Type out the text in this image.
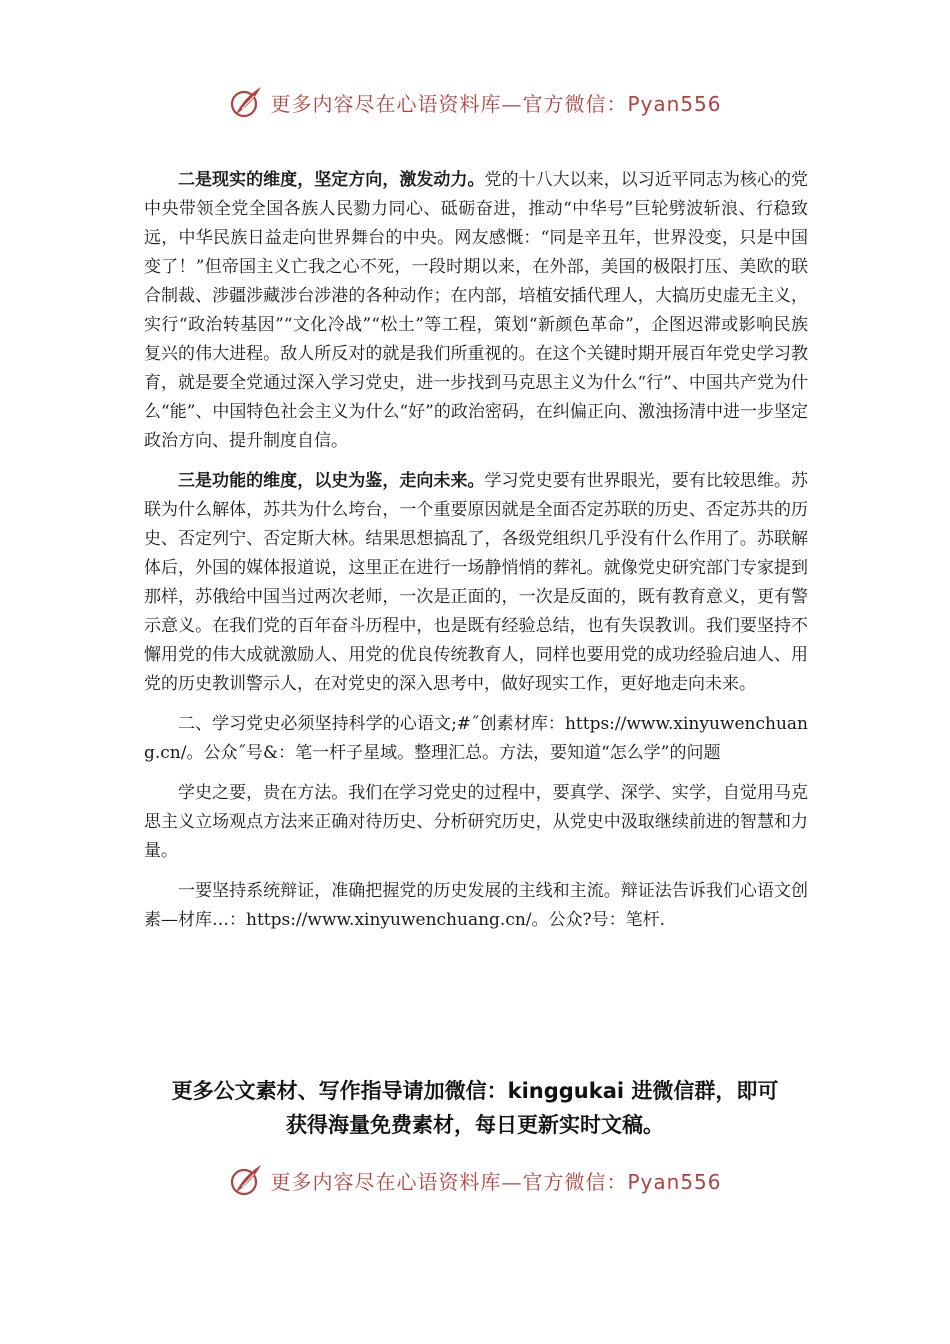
更多内容尽在心语资料库—官方微信：Pyan556

二是现实的维度，坚定方向，激发动力。党的十八大以来，以习近平同志为核心的党中央带领全党全国各族人民勠力同心、砥砺奋进，推动“中华号”巨轮劈波斩浪、行稳致远，中华民族日益走向世界舞台的中央。网友感慨：“同是辛丑年，世界没变，只是中国变了！”但帝国主义亡我之心不死，一段时期以来，在外部，美国的极限打压、美欧的联合制裁、涉疆涉藏涉台涉港的各种动作；在内部，培植安插代理人，大搞历史虚无主义，实行“政治转基因”“文化冷战”“松土”等工程，策划“新颜色革命”，企图迟滞或影响民族复兴的伟大进程。敌人所反对的就是我们所重视的。在这个关键时期开展百年党史学习教育，就是要全党通过深入学习党史，进一步找到马克思主义为什么“行”、中国共产党为什么“能”、中国特色社会主义为什么“好”的政治密码，在纠偏正向、激浊扬清中进一步坚定政治方向、提升制度自信。

三是功能的维度，以史为鉴，走向未来。学习党史要有世界眼光，要有比较思维。苏联为什么解体，苏共为什么垮台，一个重要原因就是全面否定苏联的历史、否定苏共的历史、否定列宁、否定斯大林。结果思想搞乱了，各级党组织几乎没有什么作用了。苏联解体后，外国的媒体报道说，这里正在进行一场静悄悄的葬礼。就像党史研究部门专家提到那样，苏俄给中国当过两次老师，一次是正面的，一次是反面的，既有教育意义，更有警示意义。在我们党的百年奋斗历程中，也是既有经验总结，也有失误教训。我们要坚持不懈用党的伟大成就激励人、用党的优良传统教育人，同样也要用党的成功经验启迪人、用党的历史教训警示人，在对党史的深入思考中，做好现实工作，更好地走向未来。

二、学习党史必须坚持科学的心语文;#˝创素材库：https://www.xinyuwenchuang.cn/。公众˝号&：笔一杆子星域。整理汇总。方法，要知道“怎么学”的问题

学史之要，贵在方法。我们在学习党史的过程中，要真学、深学、实学，自觉用马克思主义立场观点方法来正确对待历史、分析研究历史，从党史中汲取继续前进的智慧和力量。

一要坚持系统辩证，准确把握党的历史发展的主线和主流。辩证法告诉我们心语文创素—材库…：https://www.xinyuwenchuang.cn/。公众?号：笔杆.

更多公文素材、写作指导请加微信：kinggukai 进微信群，即可
获得海量免费素材，每日更新实时文稿。
更多内容尽在心语资料库—官方微信：Pyan556
